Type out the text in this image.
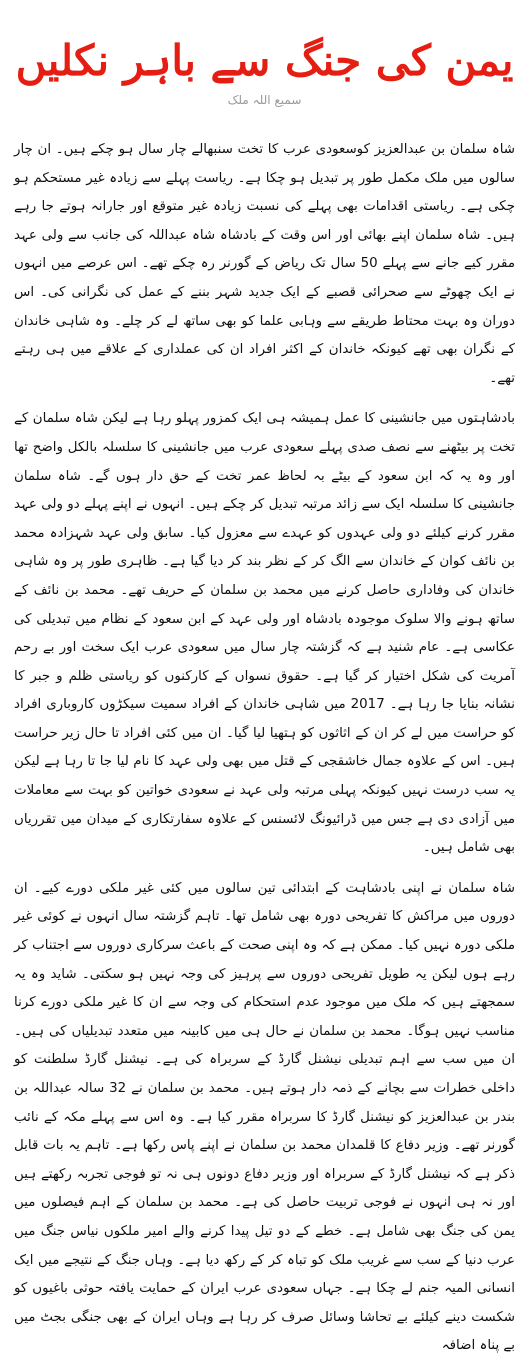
یمن کی جنگ سے باہر نکلیں
سمیع اللہ ملک

شاہ سلمان بن عبدالعزیز کوسعودی عرب کا تخت سنبھالے چار سال ہو چکے ہیں۔ ان چار سالوں میں ملک مکمل طور پر تبدیل ہو چکا ہے۔ ریاست پہلے سے زیادہ غیر مستحکم ہو چکی ہے۔ ریاستی اقدامات بھی پہلے کی نسبت زیادہ غیر متوقع اور جارانہ ہوتے جا رہے ہیں۔ شاہ سلمان اپنے بھائی اور اس وقت کے بادشاہ شاہ عبداللہ کی جانب سے ولی عہد مقرر کیے جانے سے پہلے 50 سال تک ریاض کے گورنر رہ چکے تھے۔ اس عرصے میں انہوں نے ایک چھوٹے سے صحرائی قصبے کے ایک جدید شہر بننے کے عمل کی نگرانی کی۔ اس دوران وہ بہت محتاط طریقے سے وہابی علما کو بھی ساتھ لے کر چلے۔ وہ شاہی خاندان کے نگران بھی تھے کیونکہ خاندان کے اکثر افراد ان کی عملداری کے علاقے میں ہی رہتے تھے۔

بادشاہتوں میں جانشینی کا عمل ہمیشہ ہی ایک کمزور پہلو رہا ہے لیکن شاہ سلمان کے تخت پر بیٹھنے سے نصف صدی پہلے سعودی عرب میں جانشینی کا سلسلہ بالکل واضح تھا اور وہ یہ کہ ابن سعود کے بیٹے بہ لحاظ عمر تخت کے حق دار ہوں گے۔ شاہ سلمان جانشینی کا سلسلہ ایک سے زائد مرتبہ تبدیل کر چکے ہیں۔ انہوں نے اپنے پہلے دو ولی عہد مقرر کرنے کیلئے دو ولی عہدوں کو عہدے سے معزول کیا۔ سابق ولی عہد شہزادہ محمد بن نائف کوان کے خاندان سے الگ کر کے نظر بند کر دیا گیا ہے۔ ظاہری طور پر وہ شاہی خاندان کی وفاداری حاصل کرنے میں محمد بن سلمان کے حریف تھے۔ محمد بن نائف کے ساتھ ہونے والا سلوک موجودہ بادشاہ اور ولی عہد کے ابن سعود کے نظام میں تبدیلی کی عکاسی ہے۔ عام شنید ہے کہ گزشتہ چار سال میں سعودی عرب ایک سخت اور بے رحم آمریت کی شکل اختیار کر گیا ہے۔ حقوق نسواں کے کارکنوں کو ریاستی ظلم و جبر کا نشانہ بنایا جا رہا ہے۔ 2017 میں شاہی خاندان کے افراد سمیت سیکڑوں کاروباری افراد کو حراست میں لے کر ان کے اثاثوں کو ہتھیا لیا گیا۔ ان میں کئی افراد تا حال زیر حراست ہیں۔ اس کے علاوہ جمال خاشقجی کے قتل میں بھی ولی عہد کا نام لیا جا تا رہا ہے لیکن یہ سب درست نہیں کیونکہ پہلی مرتبہ ولی عہد نے سعودی خواتین کو بہت سے معاملات میں آزادی دی ہے جس میں ڈرائیونگ لائسنس کے علاوہ سفارتکاری کے میدان میں تقرریاں بھی شامل ہیں۔

شاہ سلمان نے اپنی بادشاہت کے ابتدائی تین سالوں میں کئی غیر ملکی دورے کیے۔ ان دوروں میں مراکش کا تفریحی دورہ بھی شامل تھا۔ تاہم گزشتہ سال انہوں نے کوئی غیر ملکی دورہ نہیں کیا۔ ممکن ہے کہ وہ اپنی صحت کے باعث سرکاری دوروں سے اجتناب کر رہے ہوں لیکن یہ طویل تفریحی دوروں سے پرہیز کی وجہ نہیں ہو سکتی۔ شاید وہ یہ سمجھتے ہیں کہ ملک میں موجود عدم استحکام کی وجہ سے ان کا غیر ملکی دورے کرنا مناسب نہیں ہوگا۔ محمد بن سلمان نے حال ہی میں کابینہ میں متعدد تبدیلیاں کی ہیں۔ ان میں سب سے اہم تبدیلی نیشنل گارڈ کے سربراہ کی ہے۔ نیشنل گارڈ سلطنت کو داخلی خطرات سے بچانے کے ذمہ دار ہوتے ہیں۔ محمد بن سلمان نے 32 سالہ عبداللہ بن بندر بن عبدالعزیز کو نیشنل گارڈ کا سربراہ مقرر کیا ہے۔ وہ اس سے پہلے مکہ کے نائب گورنر تھے۔ وزیر دفاع کا قلمدان محمد بن سلمان نے اپنے پاس رکھا ہے۔ تاہم یہ بات قابل ذکر ہے کہ نیشنل گارڈ کے سربراہ اور وزیر دفاع دونوں ہی نہ تو فوجی تجربہ رکھتے ہیں اور نہ ہی انہوں نے فوجی تربیت حاصل کی ہے۔ محمد بن سلمان کے اہم فیصلوں میں یمن کی جنگ بھی شامل ہے۔ خطے کے دو تیل پیدا کرنے والے امیر ملکوں نیاس جنگ میں عرب دنیا کے سب سے غریب ملک کو تباہ کر کے رکھ دیا ہے۔ وہاں جنگ کے نتیجے میں ایک انسانی المیہ جنم لے چکا ہے۔ جہاں سعودی عرب ایران کے حمایت یافتہ حوثی باغیوں کو شکست دینے کیلئے بے تحاشا وسائل صرف کر رہا ہے وہاں ایران کے بھی جنگی بجٹ میں بے پناہ اضافہ
